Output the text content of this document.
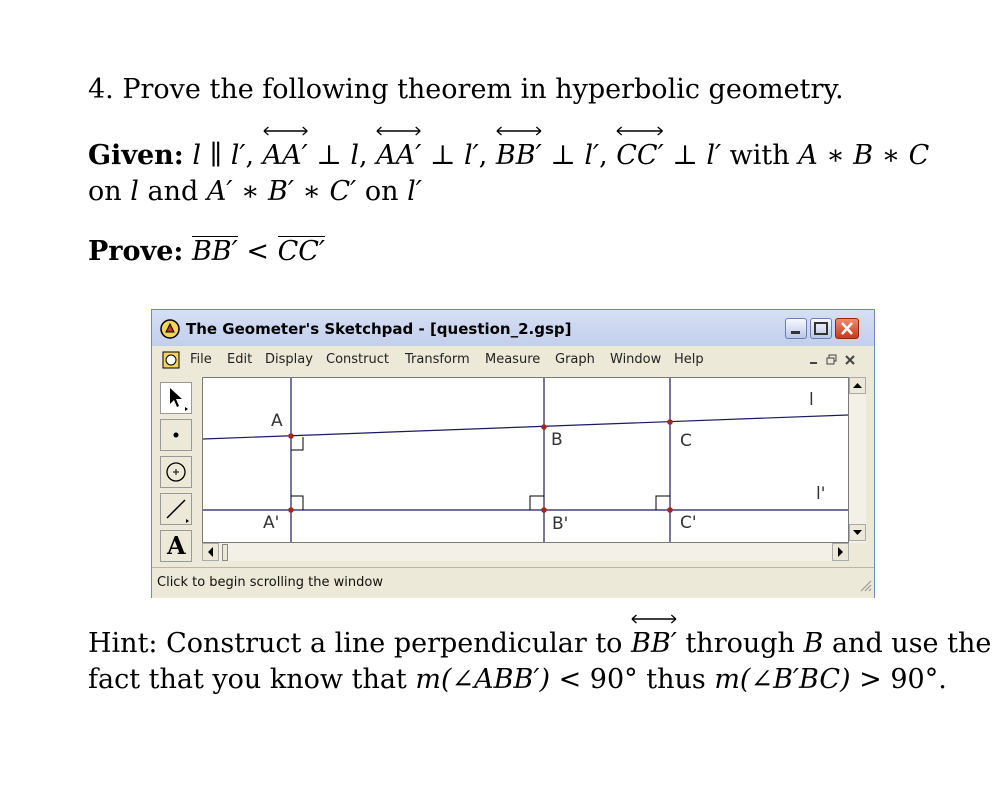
4. Prove the following theorem in hyperbolic geometry.
Given: l ∥ l′, AA′ ⊥ l, AA′ ⊥ l′, BB′ ⊥ l′, CC′ ⊥ l′ with A ∗ B ∗ C
on l and A′ ∗ B′ ∗ C′ on l′
Prove: BB′ < CC′
The Geometer's Sketchpad - [question_2.gsp]
File Edit Display Construct Transform Measure Graph Window Help
A
A
B	C
A'	B'	C'
l
l'
Click to begin scrolling the window
Hint: Construct a line perpendicular to BB′ through B and use the
fact that you know that m(∠ABB′) < 90° thus m(∠B′BC) > 90°.
